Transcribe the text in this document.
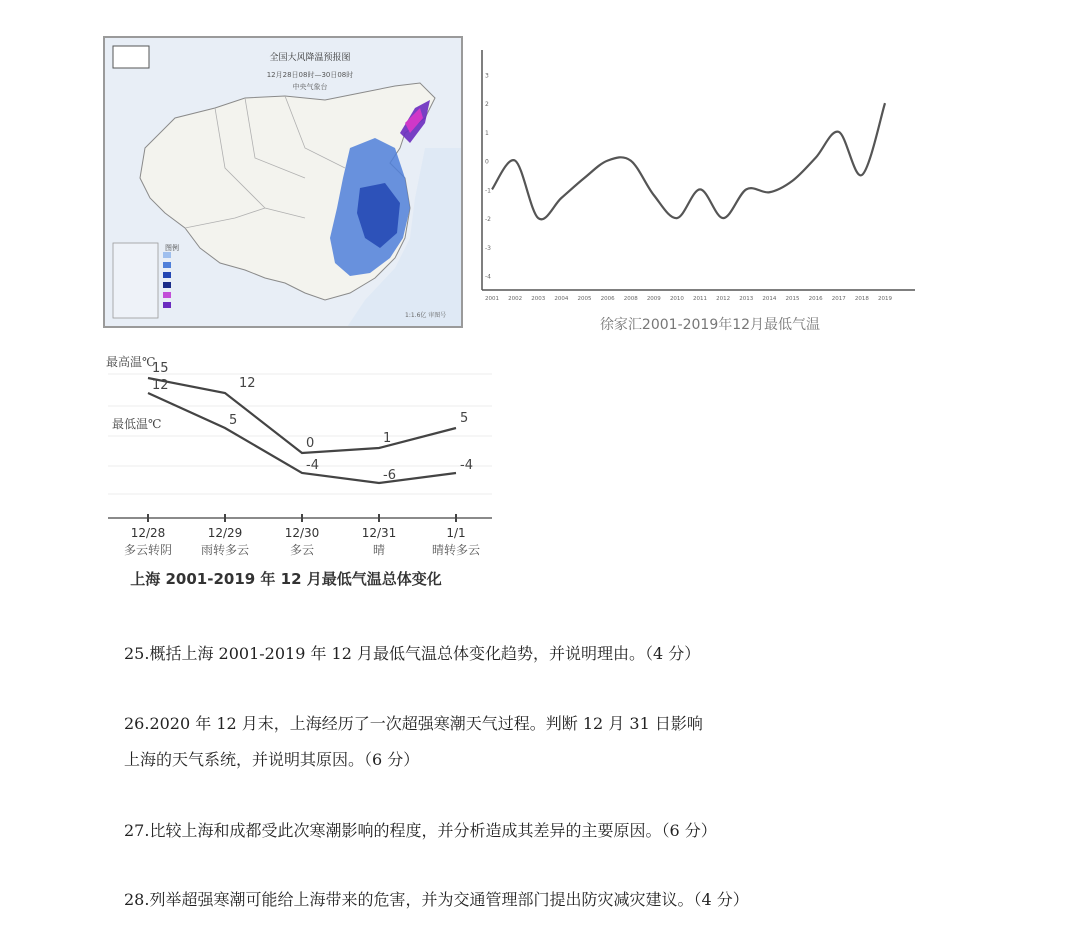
全国大风降温预报图
12月28日08时—30日08时
中央气象台
图例
1:1.6亿 审图号
3
2
1
0
-1
-2
-3
-4
2001 2002 2003 2004 2005 2006 2008 2009 2010 2011 2012 2013 2014 2015 2016 2017 2018 2019
徐家汇2001-2019年12月最低气温
最高温℃
最低温℃
12/28
多云转阴
12/29
雨转多云
12/30
多云
12/31
晴
1/1
晴转多云
15
12
0	1
5
12
5
-4
-6
-4
上海 2001-2019 年 12 月最低气温总体变化
25.概括上海 2001-2019 年 12 月最低气温总体变化趋势，并说明理由。（4 分）
26.2020 年 12 月末，上海经历了一次超强寒潮天气过程。判断 12 月 31 日影响
上海的天气系统，并说明其原因。（6 分）
27.比较上海和成都受此次寒潮影响的程度，并分析造成其差异的主要原因。（6 分）
28.列举超强寒潮可能给上海带来的危害，并为交通管理部门提出防灾减灾建议。（4 分）
